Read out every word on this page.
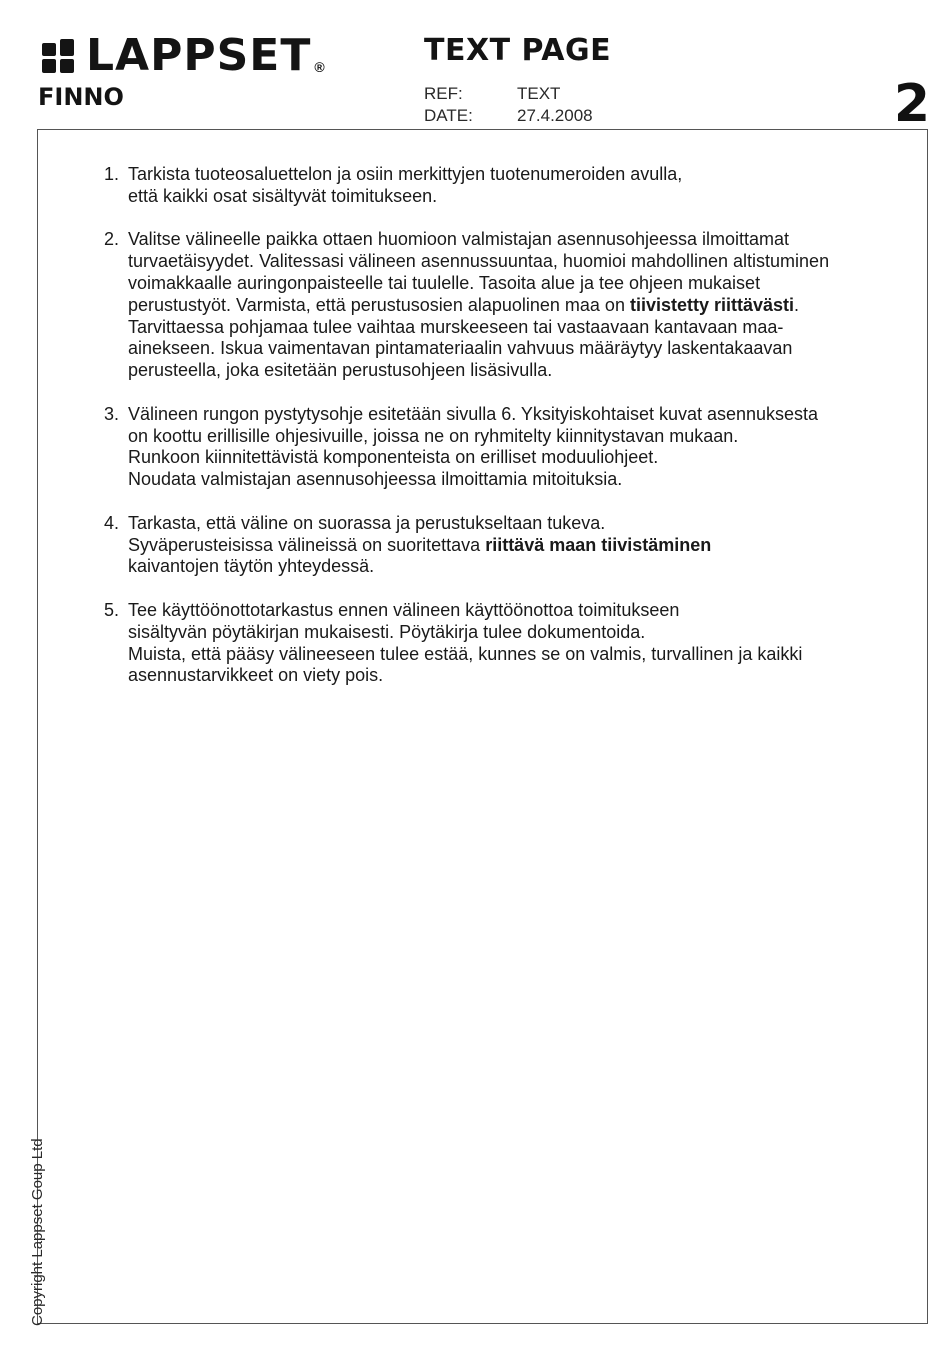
LAPPSET ®
FINNO
TEXT PAGE
REF:	TEXT
DATE:	27.4.2008	2
Copyright Lappset Goup Ltd
1. Tarkista tuoteosaluettelon ja osiin merkittyjen tuotenumeroiden avulla,
että kaikki osat sisältyvät toimitukseen.
2. Valitse välineelle paikka ottaen huomioon valmistajan asennusohjeessa ilmoittamat
turvaetäisyydet. Valitessasi välineen asennussuuntaa, huomioi mahdollinen altistuminen
voimakkaalle auringonpaisteelle tai tuulelle. Tasoita alue ja tee ohjeen mukaiset
perustustyöt. Varmista, että perustusosien alapuolinen maa on tiivistetty riittävästi.
Tarvittaessa pohjamaa tulee vaihtaa murskeeseen tai vastaavaan kantavaan maa-
ainekseen. Iskua vaimentavan pintamateriaalin vahvuus määräytyy laskentakaavan
perusteella, joka esitetään perustusohjeen lisäsivulla.
3. Välineen rungon pystytysohje esitetään sivulla 6. Yksityiskohtaiset kuvat asennuksesta
on koottu erillisille ohjesivuille, joissa ne on ryhmitelty kiinnitystavan mukaan.
Runkoon kiinnitettävistä komponenteista on erilliset moduuliohjeet.
Noudata valmistajan asennusohjeessa ilmoittamia mitoituksia.
4. Tarkasta, että väline on suorassa ja perustukseltaan tukeva.
Syväperusteisissa välineissä on suoritettava riittävä maan tiivistäminen
kaivantojen täytön yhteydessä.
5. Tee käyttöönottotarkastus ennen välineen käyttöönottoa toimitukseen
sisältyvän pöytäkirjan mukaisesti. Pöytäkirja tulee dokumentoida.
Muista, että pääsy välineeseen tulee estää, kunnes se on valmis, turvallinen ja kaikki
asennustarvikkeet on viety pois.
